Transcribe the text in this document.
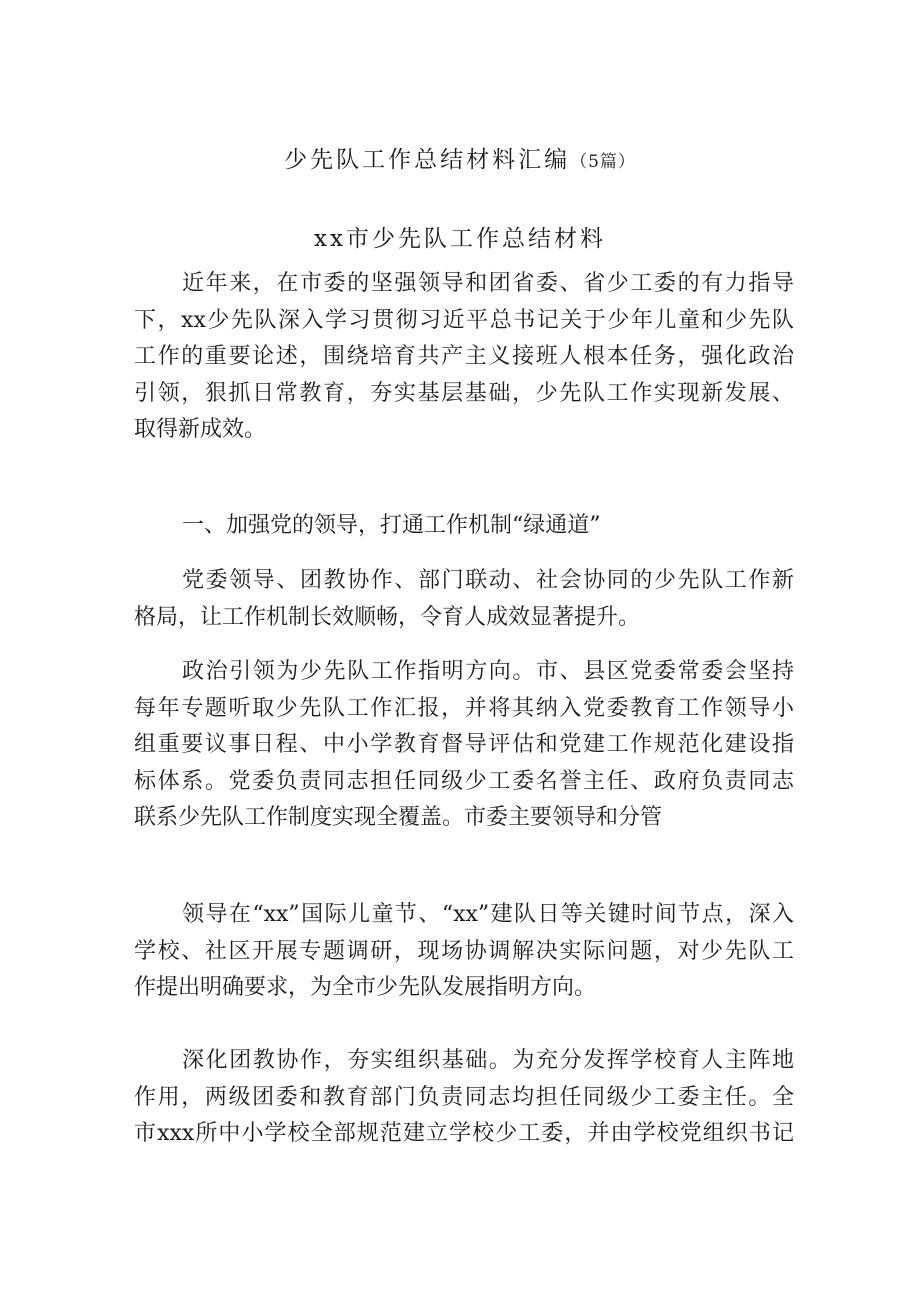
少先队工作总结材料汇编（5篇）
xx市少先队工作总结材料
近年来，在市委的坚强领导和团省委、省少工委的有力指导
下，xx少先队深入学习贯彻习近平总书记关于少年儿童和少先队
工作的重要论述，围绕培育共产主义接班人根本任务，强化政治
引领，狠抓日常教育，夯实基层基础，少先队工作实现新发展、
取得新成效。
一、加强党的领导，打通工作机制“绿通道”
党委领导、团教协作、部门联动、社会协同的少先队工作新
格局，让工作机制长效顺畅，令育人成效显著提升。
政治引领为少先队工作指明方向。市、县区党委常委会坚持
每年专题听取少先队工作汇报，并将其纳入党委教育工作领导小
组重要议事日程、中小学教育督导评估和党建工作规范化建设指
标体系。党委负责同志担任同级少工委名誉主任、政府负责同志
联系少先队工作制度实现全覆盖。市委主要领导和分管
领导在“xx”国际儿童节、“xx”建队日等关键时间节点，深入
学校、社区开展专题调研，现场协调解决实际问题，对少先队工
作提出明确要求，为全市少先队发展指明方向。
深化团教协作，夯实组织基础。为充分发挥学校育人主阵地
作用，两级团委和教育部门负责同志均担任同级少工委主任。全
市xxx所中小学校全部规范建立学校少工委，并由学校党组织书记
